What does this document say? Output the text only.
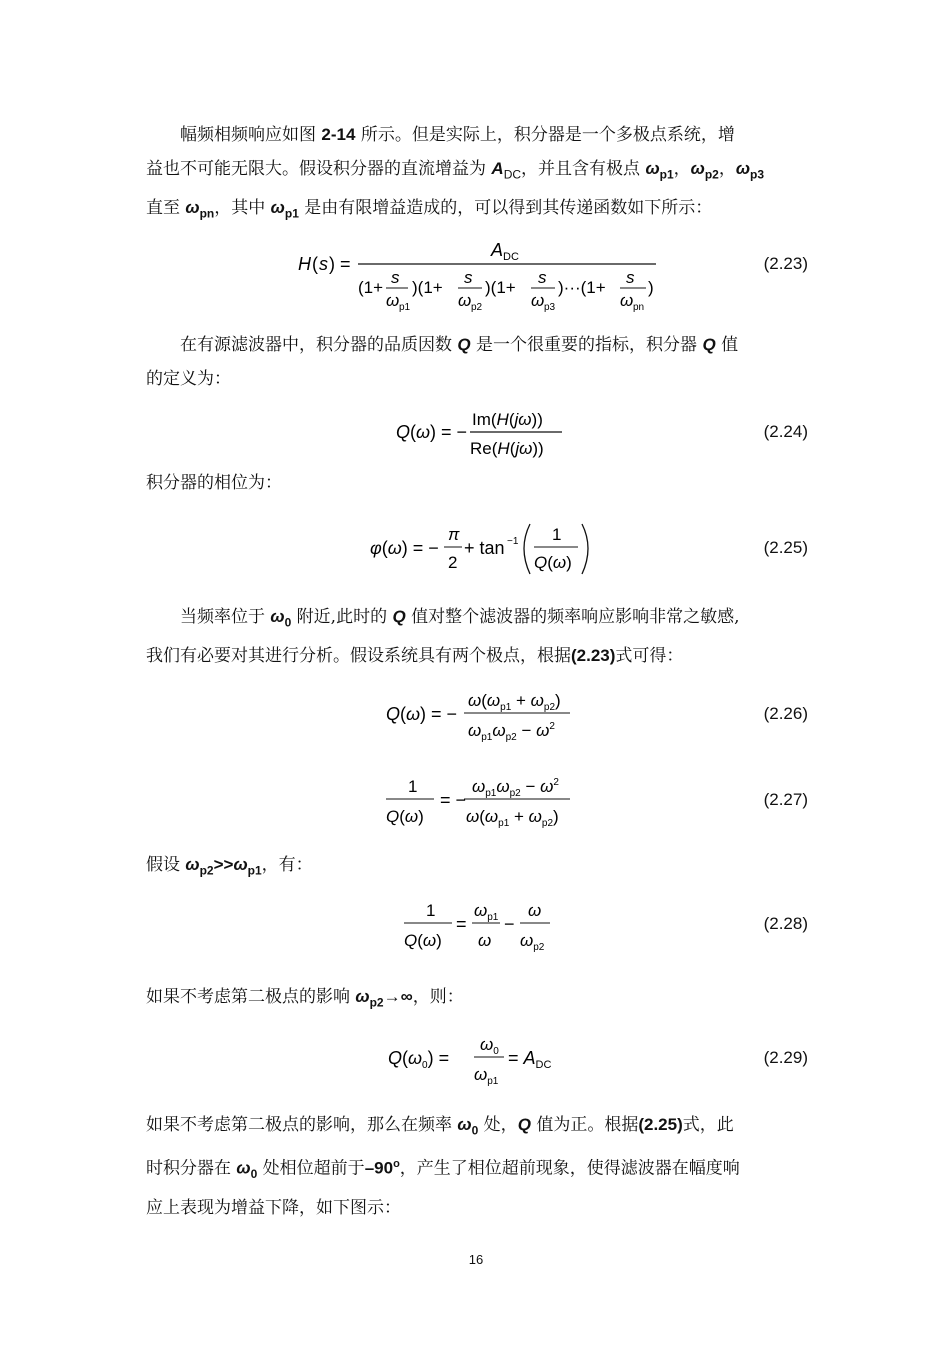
幅频相频响应如图 2-14 所示。但是实际上，积分器是一个多极点系统，增
益也不可能无限大。假设积分器的直流增益为 $A_{DC}$，并且含有极点 $\omega_{p1}$，$\omega_{p2}$，$\omega_{p3}$
直至 $\omega_{pn}$，其中 $\omega_{p1}$ 是由有限增益造成的，可以得到其传递函数如下所示：
H ( s ) =
A DC
(1+
s
ω p1
)(1+
s
ω p2
)(1+
s
ω p3
)···(1+
s
ω pn
)
(2.23)
在有源滤波器中，积分器的品质因数 Q 是一个很重要的指标，积分器 Q 值
的定义为：
Q(ω) = −
Im(H(jω))
Re(H(jω))
(2.24)
积分器的相位为：
φ(ω) = −
π
2
+ tan −1 1
Q(ω)
(2.25)
当频率位于 $\omega_0$ 附近,此时的 Q 值对整个滤波器的频率响应影响非常之敏感,
我们有必要对其进行分析。假设系统具有两个极点，根据(2.23)式可得：
Q(ω) = −
$\omega(\omega_{p1} + \omega_{p2})$
$\omega_{p1}\omega_{p2} - \omega^2$
(2.26)
1
Q(ω)
= −
$\omega_{p1}\omega_{p2} - \omega^2$
$\omega(\omega_{p1} + \omega_{p2})$
(2.27)
假设 $\omega_{p2}>>\omega_{p1}$，有：
1
Q(ω)
=
$\omega_{p1}$
ω
−
ω
$\omega_{p2}$
(2.28)
如果不考虑第二极点的影响 $\omega_{p2}\to\infty$，则：
$Q(\omega_0)$ =
$\omega_0$
$\omega_{p1}$
= $A_{DC}$	(2.29)
如果不考虑第二极点的影响，那么在频率 $\omega_0$ 处，Q 值为正。根据(2.25)式，此
时积分器在 $\omega_0$ 处相位超前于–90$^o$，产生了相位超前现象，使得滤波器在幅度响
应上表现为增益下降，如下图示：
16
